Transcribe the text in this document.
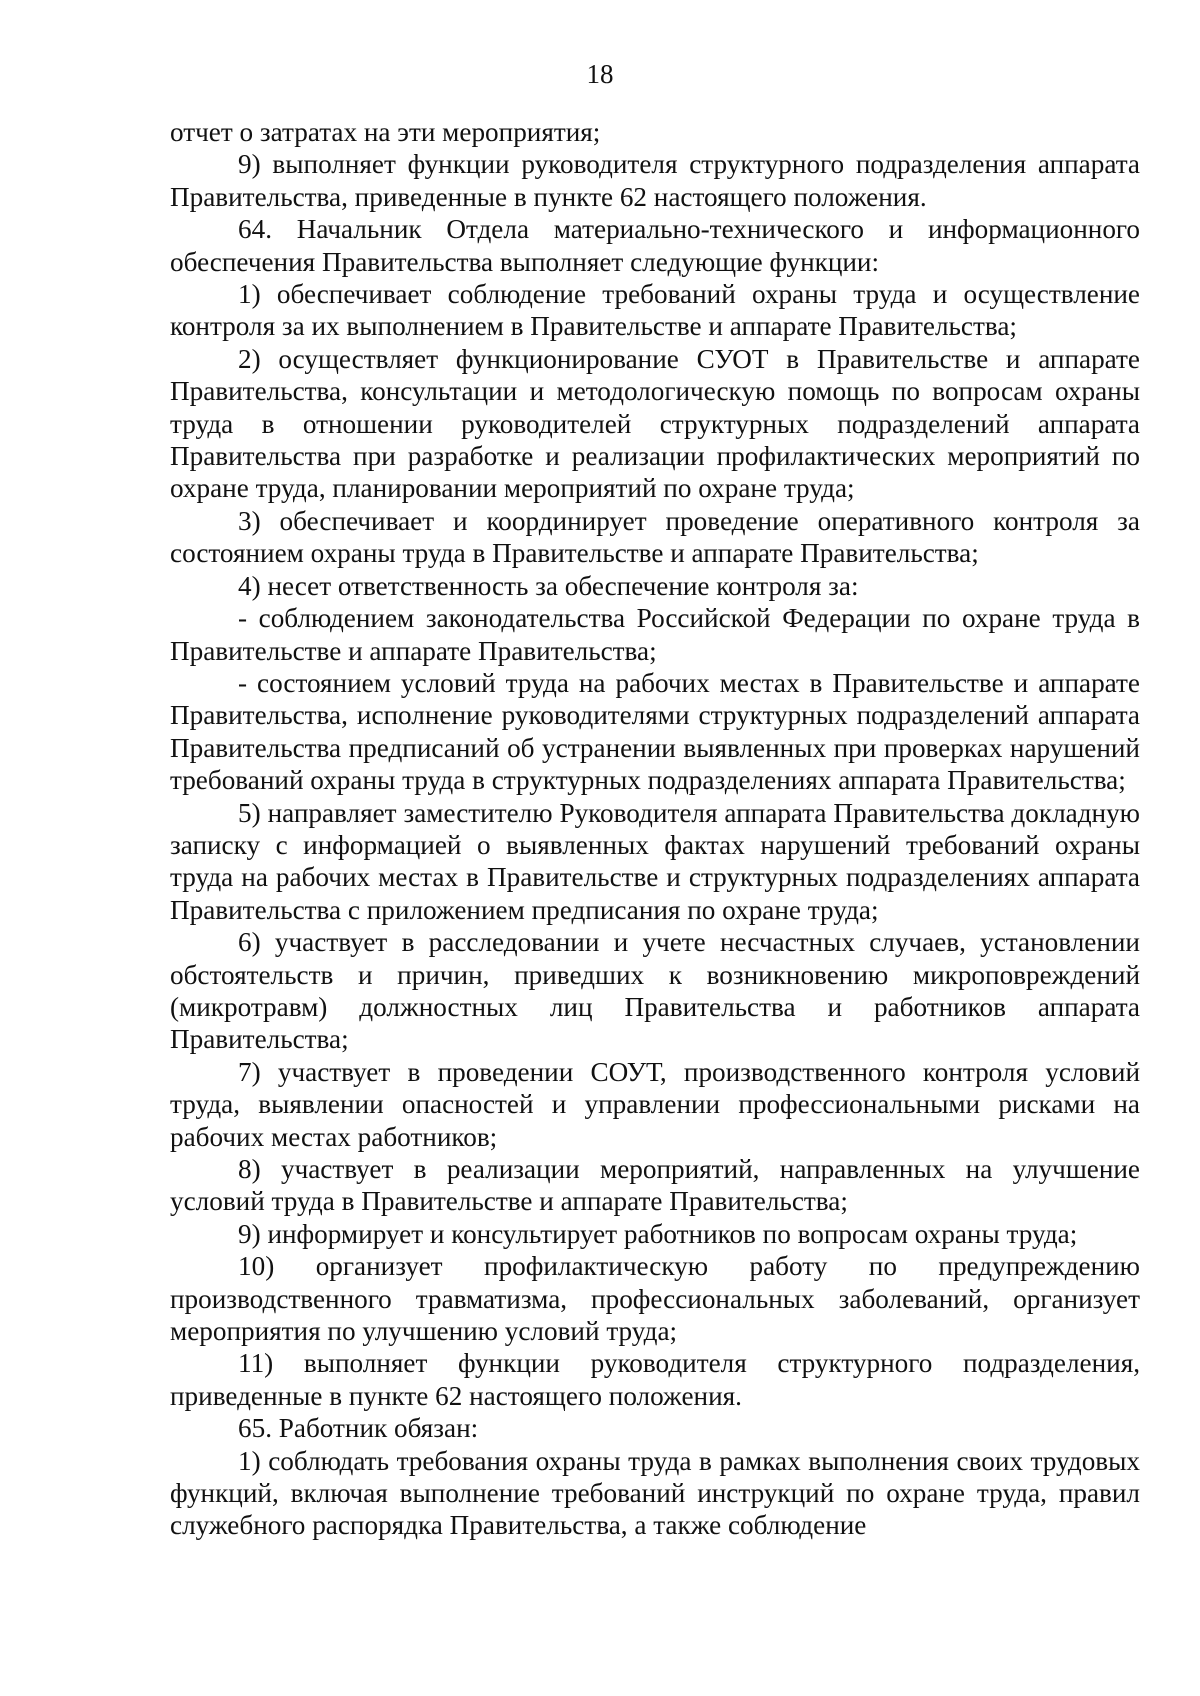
18

отчет о затратах на эти мероприятия;

9) выполняет функции руководителя структурного подразделения аппарата Правительства, приведенные в пункте 62 настоящего положения.

64. Начальник Отдела материально-технического и информационного обеспечения Правительства выполняет следующие функции:

1) обеспечивает соблюдение требований охраны труда и осуществление контроля за их выполнением в Правительстве и аппарате Правительства;

2) осуществляет функционирование СУОТ в Правительстве и аппарате Правительства, консультации и методологическую помощь по вопросам охраны труда в отношении руководителей структурных подразделений аппарата Правительства при разработке и реализации профилактических мероприятий по охране труда, планировании мероприятий по охране труда;

3) обеспечивает и координирует проведение оперативного контроля за состоянием охраны труда в Правительстве и аппарате Правительства;

4) несет ответственность за обеспечение контроля за:

- соблюдением законодательства Российской Федерации по охране труда в Правительстве и аппарате Правительства;

- состоянием условий труда на рабочих местах в Правительстве и аппарате Правительства, исполнение руководителями структурных подразделений аппарата Правительства предписаний об устранении выявленных при проверках нарушений требований охраны труда в структурных подразделениях аппарата Правительства;

5) направляет заместителю Руководителя аппарата Правительства докладную записку с информацией о выявленных фактах нарушений требований охраны труда на рабочих местах в Правительстве и структурных подразделениях аппарата Правительства с приложением предписания по охране труда;

6) участвует в расследовании и учете несчастных случаев, установлении обстоятельств и причин, приведших к возникновению микроповреждений (микротравм) должностных лиц Правительства и работников аппарата Правительства;

7) участвует в проведении СОУТ, производственного контроля условий труда, выявлении опасностей и управлении профессиональными рисками на рабочих местах работников;

8) участвует в реализации мероприятий, направленных на улучшение условий труда в Правительстве и аппарате Правительства;

9) информирует и консультирует работников по вопросам охраны труда;

10) организует профилактическую работу по предупреждению производственного травматизма, профессиональных заболеваний, организует мероприятия по улучшению условий труда;

11) выполняет функции руководителя структурного подразделения, приведенные в пункте 62 настоящего положения.

65. Работник обязан:

1) соблюдать требования охраны труда в рамках выполнения своих трудовых функций, включая выполнение требований инструкций по охране труда, правил служебного распорядка Правительства, а также соблюдение
